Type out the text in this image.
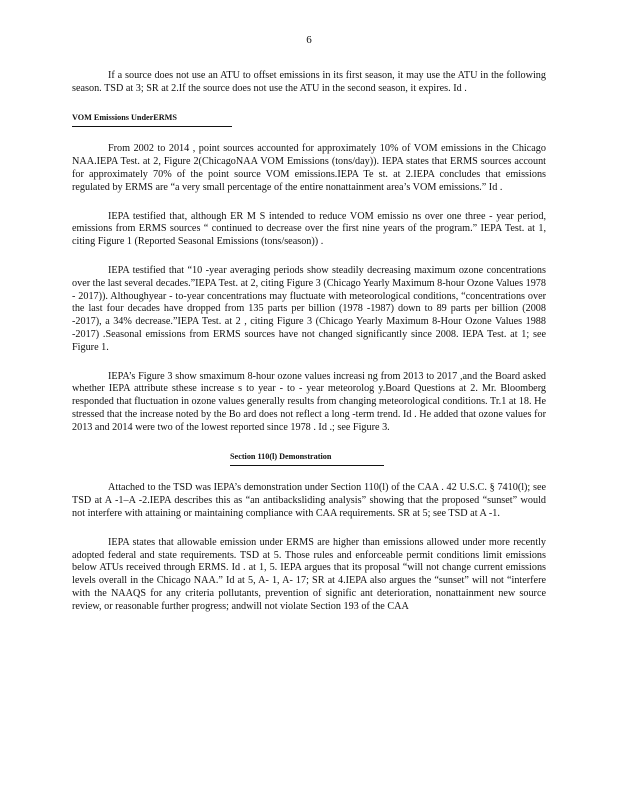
6

If a source does not use an ATU to offset emissions in its first season, it may use the ATU in the following season. TSD at 3; SR at 2.If the source does not use the ATU in the second season, it expires. Id .

VOM Emissions UnderERMS

From 2002 to 2014 , point sources accounted for approximately 10% of VOM emissions in the Chicago NAA.IEPA Test. at 2, Figure 2(ChicagoNAA VOM Emissions (tons/day)). IEPA states that ERMS sources account for approximately 70% of the point source VOM emissions.IEPA Te st. at 2.IEPA concludes that emissions regulated by ERMS are “a very small percentage of the entire nonattainment area’s VOM emissions.” Id .

IEPA testified that, although ER M S intended to reduce VOM emissio ns over one three - year period, emissions from ERMS sources “ continued to decrease over the first nine years of the program.” IEPA Test. at 1, citing Figure 1 (Reported Seasonal Emissions (tons/season)) .

IEPA testified that “10 -year averaging periods show steadily decreasing maximum ozone concentrations over the last several decades.”IEPA Test. at 2, citing Figure 3 (Chicago Yearly Maximum 8-hour Ozone Values 1978 - 2017)). Althoughyear - to-year concentrations may fluctuate with meteorological conditions, “concentrations over the last four decades have dropped from 135 parts per billion (1978 -1987) down to 89 parts per billion (2008 -2017), a 34% decrease.”IEPA Test. at 2 , citing Figure 3 (Chicago Yearly Maximum 8-Hour Ozone Values 1988 -2017) .Seasonal emissions from ERMS sources have not changed significantly since 2008. IEPA Test. at 1; see Figure 1.

IEPA’s Figure 3 show smaximum 8-hour ozone values increasi ng from 2013 to 2017 ,and the Board asked whether IEPA attribute sthese increase s to year - to - year meteorolog y.Board Questions at 2. Mr. Bloomberg responded that fluctuation in ozone values generally results from changing meteorological conditions. Tr.1 at 18. He stressed that the increase noted by the Bo ard does not reflect a long -term trend. Id . He added that ozone values for 2013 and 2014 were two of the lowest reported since 1978 . Id .; see Figure 3.

Section 110(l) Demonstration

Attached to the TSD was IEPA’s demonstration under Section 110(l) of the CAA . 42 U.S.C. § 7410(l); see TSD at A -1–A -2.IEPA describes this as “an antibacksliding analysis” showing that the proposed “sunset” would not interfere with attaining or maintaining compliance with CAA requirements. SR at 5; see TSD at A -1.

IEPA states that allowable emission under ERMS are higher than emissions allowed under more recently adopted federal and state requirements. TSD at 5. Those rules and enforceable permit conditions limit emissions below ATUs received through ERMS. Id . at 1, 5. IEPA argues that its proposal “will not change current emissions levels overall in the Chicago NAA.” Id at 5, A- 1, A- 17; SR at 4.IEPA also argues the “sunset” will not “interfere with the NAAQS for any criteria pollutants, prevention of signific ant deterioration, nonattainment new source review, or reasonable further progress; andwill not violate Section 193 of the CAA
